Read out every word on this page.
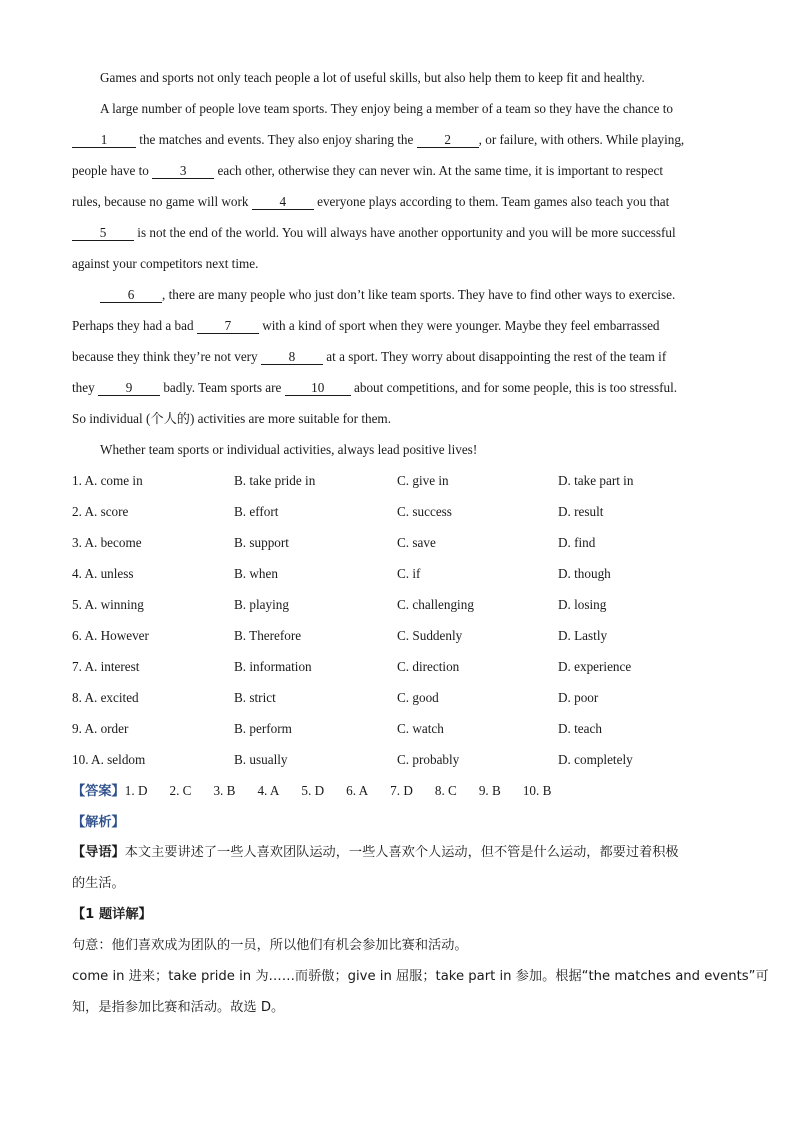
Games and sports not only teach people a lot of useful skills, but also help them to keep fit and healthy.
A large number of people love team sports. They enjoy being a member of a team so they have the chance to
1 the matches and events. They also enjoy sharing the 2 , or failure, with others. While playing,
people have to 3 each other, otherwise they can never win. At the same time, it is important to respect
rules, because no game will work 4 everyone plays according to them. Team games also teach you that
5 is not the end of the world. You will always have another opportunity and you will be more successful
against your competitors next time.
6 , there are many people who just don’t like team sports. They have to find other ways to exercise.
Perhaps they had a bad 7 with a kind of sport when they were younger. Maybe they feel embarrassed
because they think they’re not very 8 at a sport. They worry about disappointing the rest of the team if
they 9 badly. Team sports are 10 about competitions, and for some people, this is too stressful.
So individual (个人的) activities are more suitable for them.
Whether team sports or individual activities, always lead positive lives!
1. A. come in	B. take pride in	C. give in	D. take part in
2. A. score	B. effort	C. success	D. result
3. A. become	B. support	C. save	D. find
4. A. unless	B. when	C. if	D. though
5. A. winning	B. playing	C. challenging	D. losing
6. A. However	B. Therefore	C. Suddenly	D. Lastly
7. A. interest	B. information	C. direction	D. experience
8. A. excited	B. strict	C. good	D. poor
9. A. order	B. perform	C. watch	D. teach
10. A. seldom	B. usually	C. probably	D. completely
【答案】1. D 2. C 3. B 4. A 5. D 6. A 7. D 8. C 9. B 10. B
【解析】
【导语】本文主要讲述了一些人喜欢团队运动，一些人喜欢个人运动，但不管是什么运动，都要过着积极
的生活。
【1 题详解】
句意：他们喜欢成为团队的一员，所以他们有机会参加比赛和活动。
come in 进来；take pride in 为……而骄傲；give in 屈服；take part in 参加。根据“the matches and events”可
知，是指参加比赛和活动。故选 D。
